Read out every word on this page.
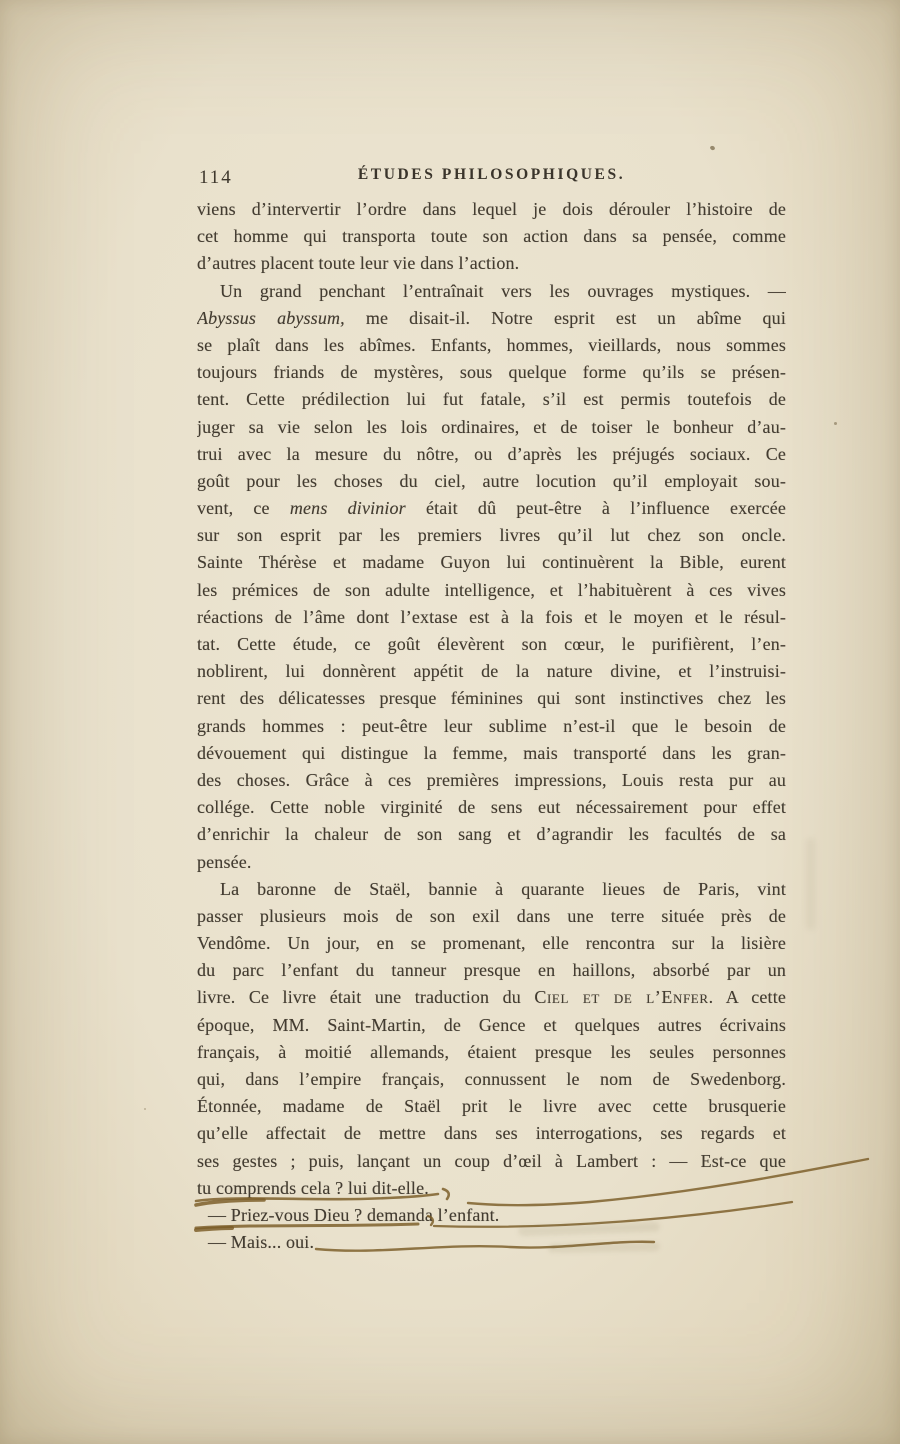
114	ÉTUDES PHILOSOPHIQUES.
viens d’intervertir l’ordre dans lequel je dois dérouler l’histoire de
cet homme qui transporta toute son action dans sa pensée, comme
d’autres placent toute leur vie dans l’action.
Un grand penchant l’entraînait vers les ouvrages mystiques. —
Abyssus abyssum, me disait-il. Notre esprit est un abîme qui
se plaît dans les abîmes. Enfants, hommes, vieillards, nous sommes
toujours friands de mystères, sous quelque forme qu’ils se présen-
tent. Cette prédilection lui fut fatale, s’il est permis toutefois de
juger sa vie selon les lois ordinaires, et de toiser le bonheur d’au-
trui avec la mesure du nôtre, ou d’après les préjugés sociaux. Ce
goût pour les choses du ciel, autre locution qu’il employait sou-
vent, ce mens divinior était dû peut-être à l’influence exercée
sur son esprit par les premiers livres qu’il lut chez son oncle.
Sainte Thérèse et madame Guyon lui continuèrent la Bible, eurent
les prémices de son adulte intelligence, et l’habituèrent à ces vives
réactions de l’âme dont l’extase est à la fois et le moyen et le résul-
tat. Cette étude, ce goût élevèrent son cœur, le purifièrent, l’en-
noblirent, lui donnèrent appétit de la nature divine, et l’instruisi-
rent des délicatesses presque féminines qui sont instinctives chez les
grands hommes : peut-être leur sublime n’est-il que le besoin de
dévouement qui distingue la femme, mais transporté dans les gran-
des choses. Grâce à ces premières impressions, Louis resta pur au
collége. Cette noble virginité de sens eut nécessairement pour effet
d’enrichir la chaleur de son sang et d’agrandir les facultés de sa
pensée.
La baronne de Staël, bannie à quarante lieues de Paris, vint
passer plusieurs mois de son exil dans une terre située près de
Vendôme. Un jour, en se promenant, elle rencontra sur la lisière
du parc l’enfant du tanneur presque en haillons, absorbé par un
livre. Ce livre était une traduction du Ciel et de l’Enfer. A cette
époque, MM. Saint-Martin, de Gence et quelques autres écrivains
français, à moitié allemands, étaient presque les seules personnes
qui, dans l’empire français, connussent le nom de Swedenborg.
Étonnée, madame de Staël prit le livre avec cette brusquerie
qu’elle affectait de mettre dans ses interrogations, ses regards et
ses gestes ; puis, lançant un coup d’œil à Lambert : — Est-ce que
tu comprends cela ? lui dit-elle.
— Priez-vous Dieu ? demanda l’enfant.
— Mais... oui.
